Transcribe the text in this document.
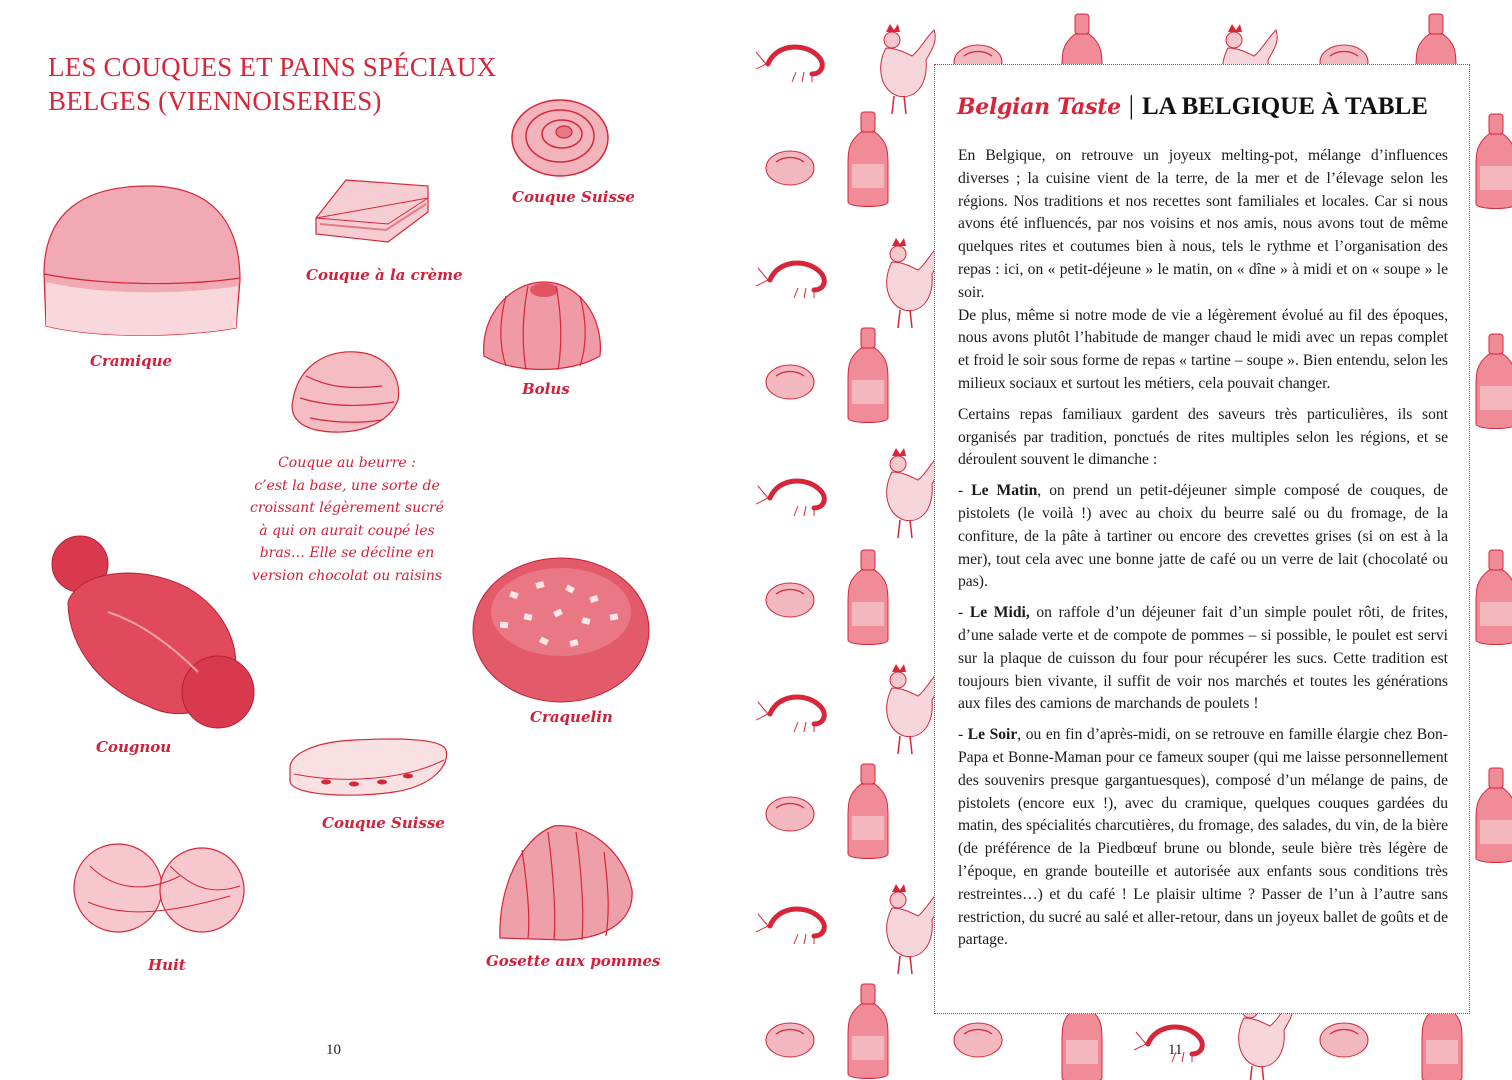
LES COUQUES ET PAINS SPÉCIAUX
BELGES (VIENNOISERIES)
Couque Suisse
Couque à la crème
Cramique
Bolus
Couque au beurre :
c’est la base, une sorte de
croissant légèrement sucré
à qui on aurait coupé les
bras… Elle se décline en
version chocolat ou raisins
Cougnou
Craquelin
Couque Suisse
Huit	Gosette aux pommes
10
Belgian Taste | LA BELGIQUE À TABLE

En Belgique, on retrouve un joyeux melting-pot, mélange d’influences diverses ; la cuisine vient de la terre, de la mer et de l’élevage selon les régions. Nos traditions et nos recettes sont familiales et locales. Car si nous avons été influencés, par nos voisins et nos amis, nous avons tout de même quelques rites et coutumes bien à nous, tels le rythme et l’organisation des repas : ici, on « petit-déjeune » le matin, on « dîne » à midi et on « soupe » le soir.

De plus, même si notre mode de vie a légèrement évolué au fil des époques, nous avons plutôt l’habitude de manger chaud le midi avec un repas complet et froid le soir sous forme de repas « tartine – soupe ». Bien entendu, selon les milieux sociaux et surtout les métiers, cela pouvait changer.

Certains repas familiaux gardent des saveurs très particulières, ils sont organisés par tradition, ponctués de rites multiples selon les régions, et se déroulent souvent le dimanche :

- Le Matin, on prend un petit-déjeuner simple composé de couques, de pistolets (le voilà !) avec au choix du beurre salé ou du fromage, de la confiture, de la pâte à tartiner ou encore des crevettes grises (si on est à la mer), tout cela avec une bonne jatte de café ou un verre de lait (chocolaté ou pas).

- Le Midi, on raffole d’un déjeuner fait d’un simple poulet rôti, de frites, d’une salade verte et de compote de pommes – si possible, le poulet est servi sur la plaque de cuisson du four pour récupérer les sucs. Cette tradition est toujours bien vivante, il suffit de voir nos marchés et toutes les générations aux files des camions de marchands de poulets !

- Le Soir, ou en fin d’après-midi, on se retrouve en famille élargie chez Bon-Papa et Bonne-Maman pour ce fameux souper (qui me laisse personnellement des souvenirs presque gargantuesques), composé d’un mélange de pains, de pistolets (encore eux !), avec du cramique, quelques couques gardées du matin, des spécialités charcutières, du fromage, des salades, du vin, de la bière (de préférence de la Piedbœuf brune ou blonde, seule bière très légère de l’époque, en grande bouteille et autorisée aux enfants sous conditions très restreintes…) et du café ! Le plaisir ultime ? Passer de l’un à l’autre sans restriction, du sucré au salé et aller-retour, dans un joyeux ballet de goûts et de partage.

11
